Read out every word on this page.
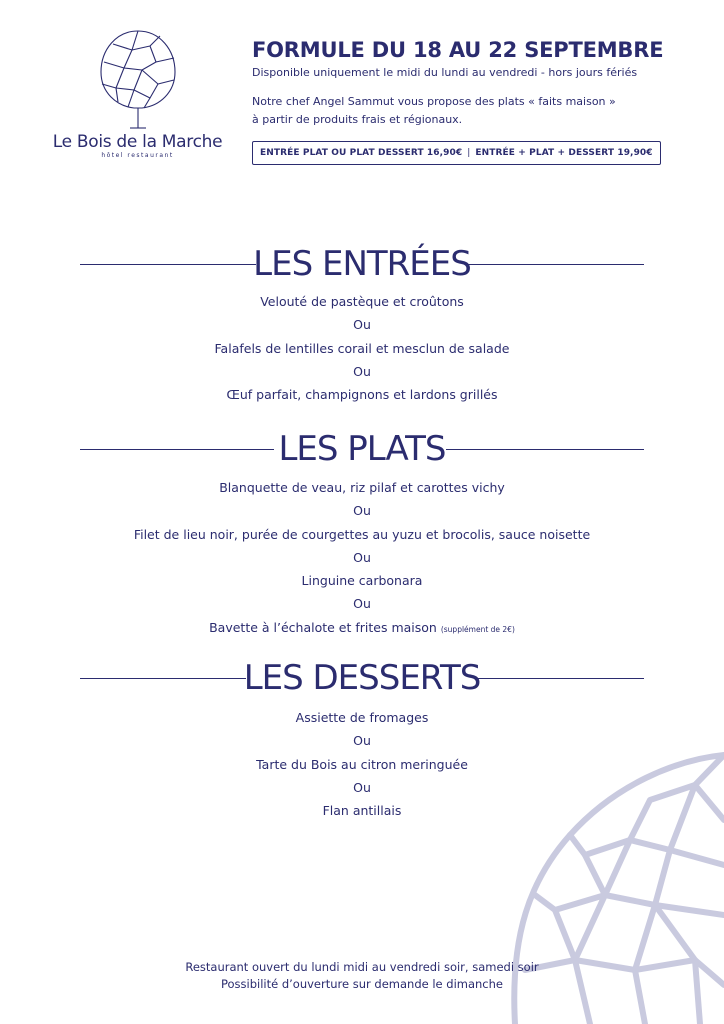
Le Bois de la Marche
hôtel restaurant
FORMULE DU 18 AU 22 SEPTEMBRE
Disponible uniquement le midi du lundi au vendredi - hors jours fériés
Notre chef Angel Sammut vous propose des plats « faits maison »
à partir de produits frais et régionaux.
ENTRÉE PLAT OU PLAT DESSERT 16,90€ | ENTRÉE + PLAT + DESSERT 19,90€
LES ENTRÉES
Velouté de pastèque et croûtons
Ou
Falafels de lentilles corail et mesclun de salade
Ou
Œuf parfait, champignons et lardons grillés
LES PLATS
Blanquette de veau, riz pilaf et carottes vichy
Ou
Filet de lieu noir, purée de courgettes au yuzu et brocolis, sauce noisette
Ou
Linguine carbonara
Ou
Bavette à l’échalote et frites maison (supplément de 2€)
LES DESSERTS
Assiette de fromages
Ou
Tarte du Bois au citron meringuée
Ou
Flan antillais
Restaurant ouvert du lundi midi au vendredi soir, samedi soir
Possibilité d’ouverture sur demande le dimanche
